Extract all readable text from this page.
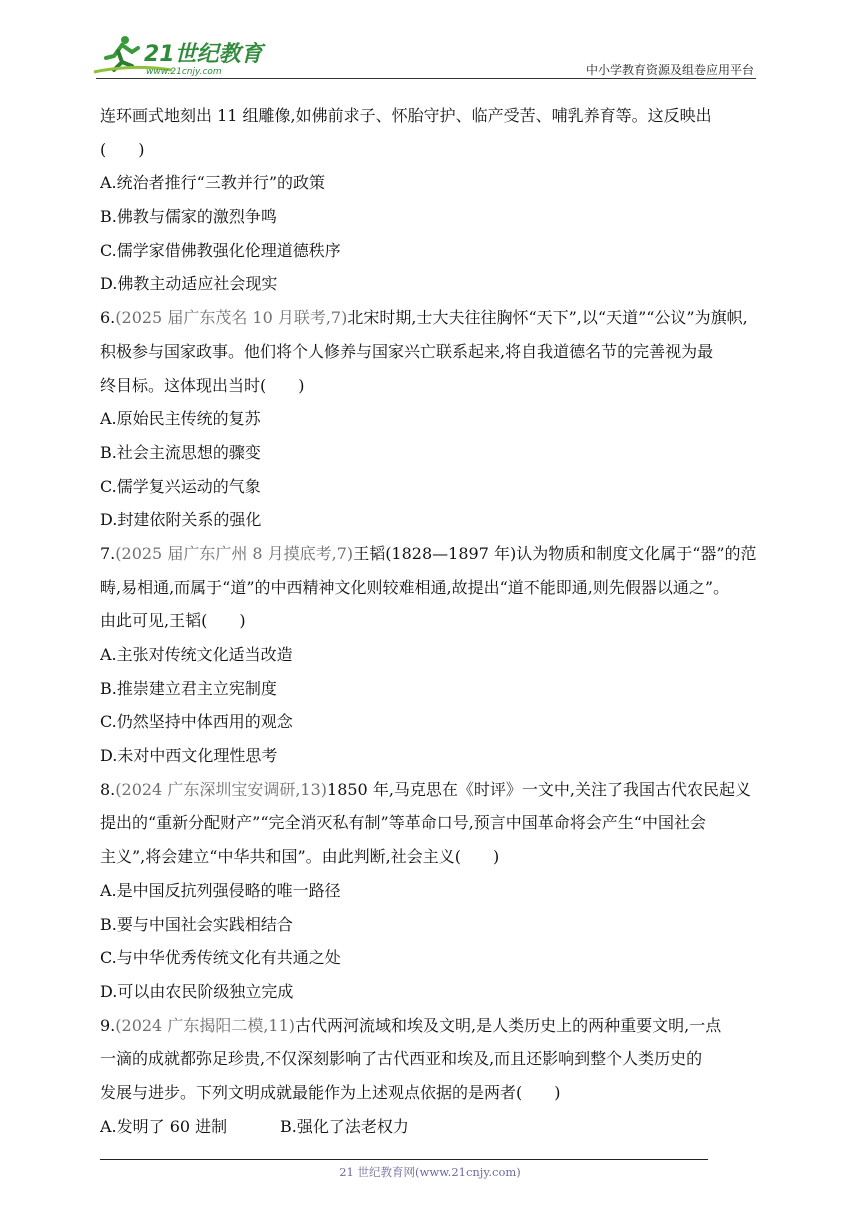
21世纪教育
www.21cnjy.com	中小学教育资源及组卷应用平台
连环画式地刻出 11 组雕像,如佛前求子、怀胎守护、临产受苦、哺乳养育等。这反映出
(　　)
A.统治者推行“三教并行”的政策
B.佛教与儒家的激烈争鸣
C.儒学家借佛教强化伦理道德秩序
D.佛教主动适应社会现实
6.(2025 届广东茂名 10 月联考,7)北宋时期,士大夫往往胸怀“天下”,以“天道”“公议”为旗帜,
积极参与国家政事。他们将个人修养与国家兴亡联系起来,将自我道德名节的完善视为最
终目标。这体现出当时(　　)
A.原始民主传统的复苏
B.社会主流思想的骤变
C.儒学复兴运动的气象
D.封建依附关系的强化
7.(2025 届广东广州 8 月摸底考,7)王韬(1828—1897 年)认为物质和制度文化属于“器”的范
畴,易相通,而属于“道”的中西精神文化则较难相通,故提出“道不能即通,则先假器以通之”。
由此可见,王韬(　　)
A.主张对传统文化适当改造
B.推崇建立君主立宪制度
C.仍然坚持中体西用的观念
D.未对中西文化理性思考
8.(2024 广东深圳宝安调研,13)1850 年,马克思在《时评》一文中,关注了我国古代农民起义
提出的“重新分配财产”“完全消灭私有制”等革命口号,预言中国革命将会产生“中国社会
主义”,将会建立“中华共和国”。由此判断,社会主义(　　)
A.是中国反抗列强侵略的唯一路径
B.要与中国社会实践相结合
C.与中华优秀传统文化有共通之处
D.可以由农民阶级独立完成
9.(2024 广东揭阳二模,11)古代两河流域和埃及文明,是人类历史上的两种重要文明,一点
一滴的成就都弥足珍贵,不仅深刻影响了古代西亚和埃及,而且还影响到整个人类历史的
发展与进步。下列文明成就最能作为上述观点依据的是两者(　　)
A.发明了 60 进制	B.强化了法老权力
21 世纪教育网(www.21cnjy.com)
